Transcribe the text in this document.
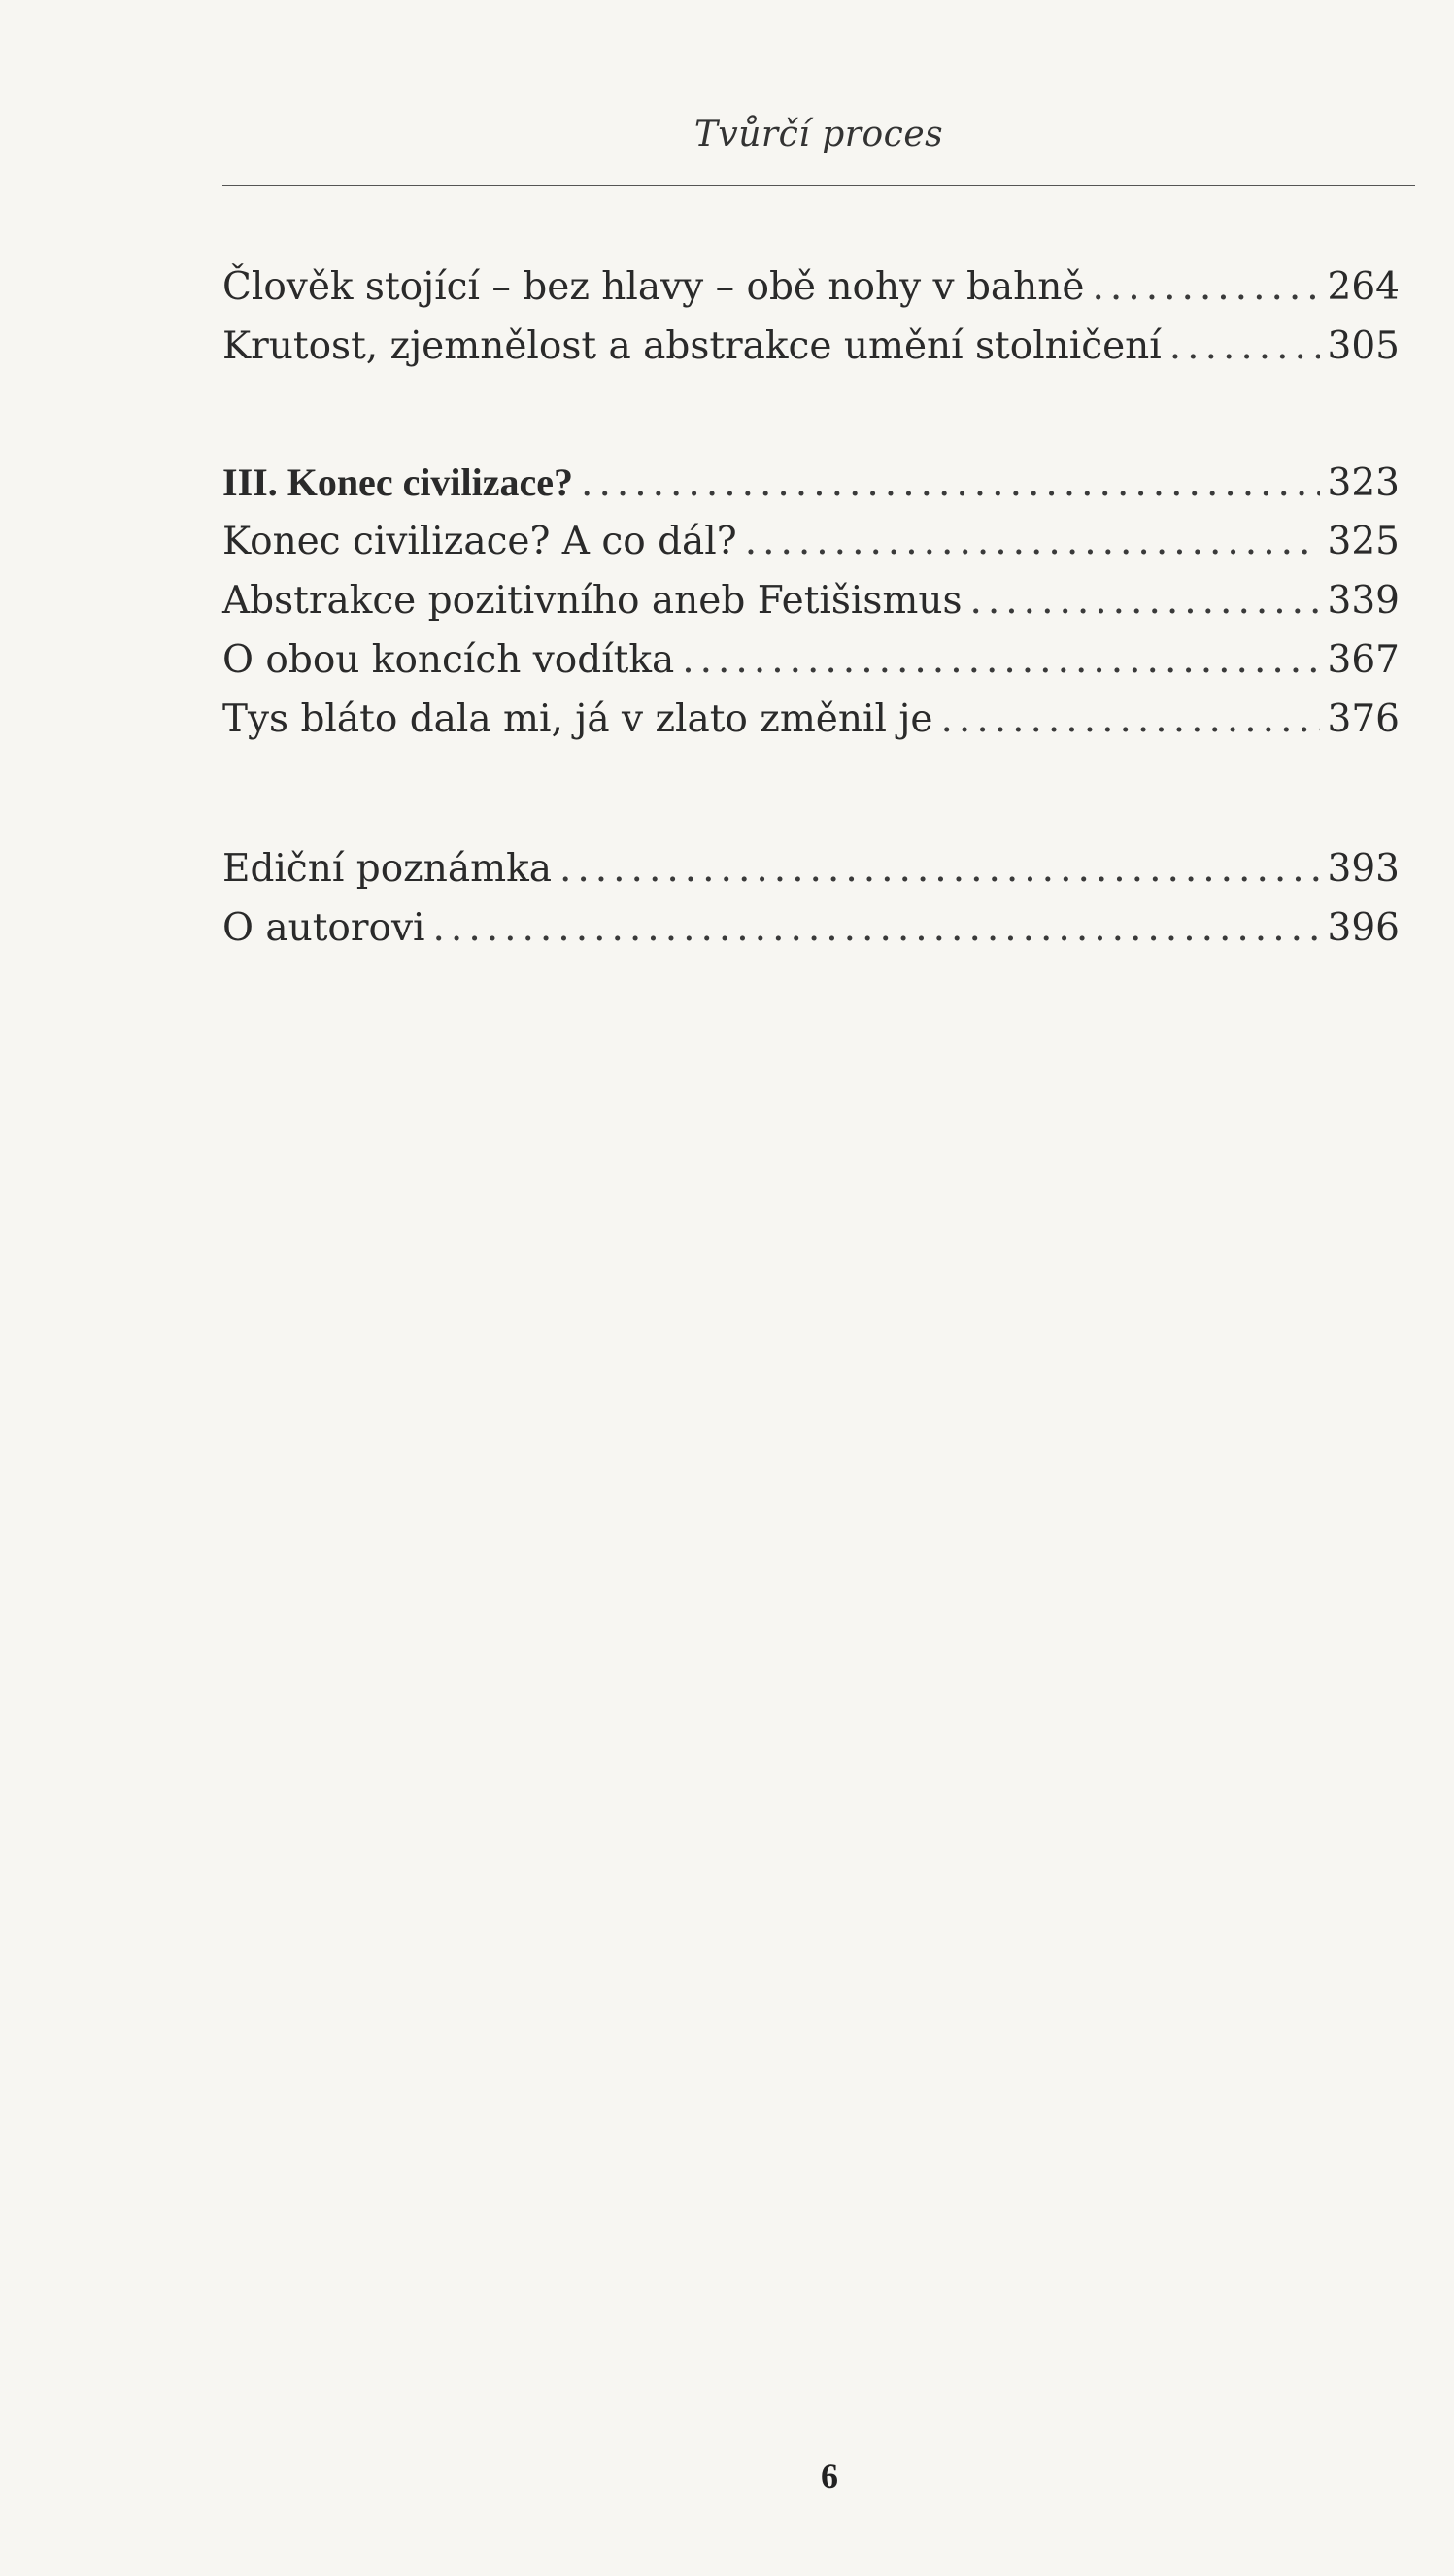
Tvůrčí proces
Člověk stojící – bez hlavy – obě nohy v bahně .....	264
Krutost, zjemnělost a abstrakce umění stolničení .....	305
III. Konec civilizace? .....	323
Konec civilizace? A co dál? .....	325
Abstrakce pozitivního aneb Fetišismus .....	339
O obou koncích vodítka .....	367
Tys bláto dala mi, já v zlato změnil je .....	376
Ediční poznámka .....	393
O autorovi .....	396
6
